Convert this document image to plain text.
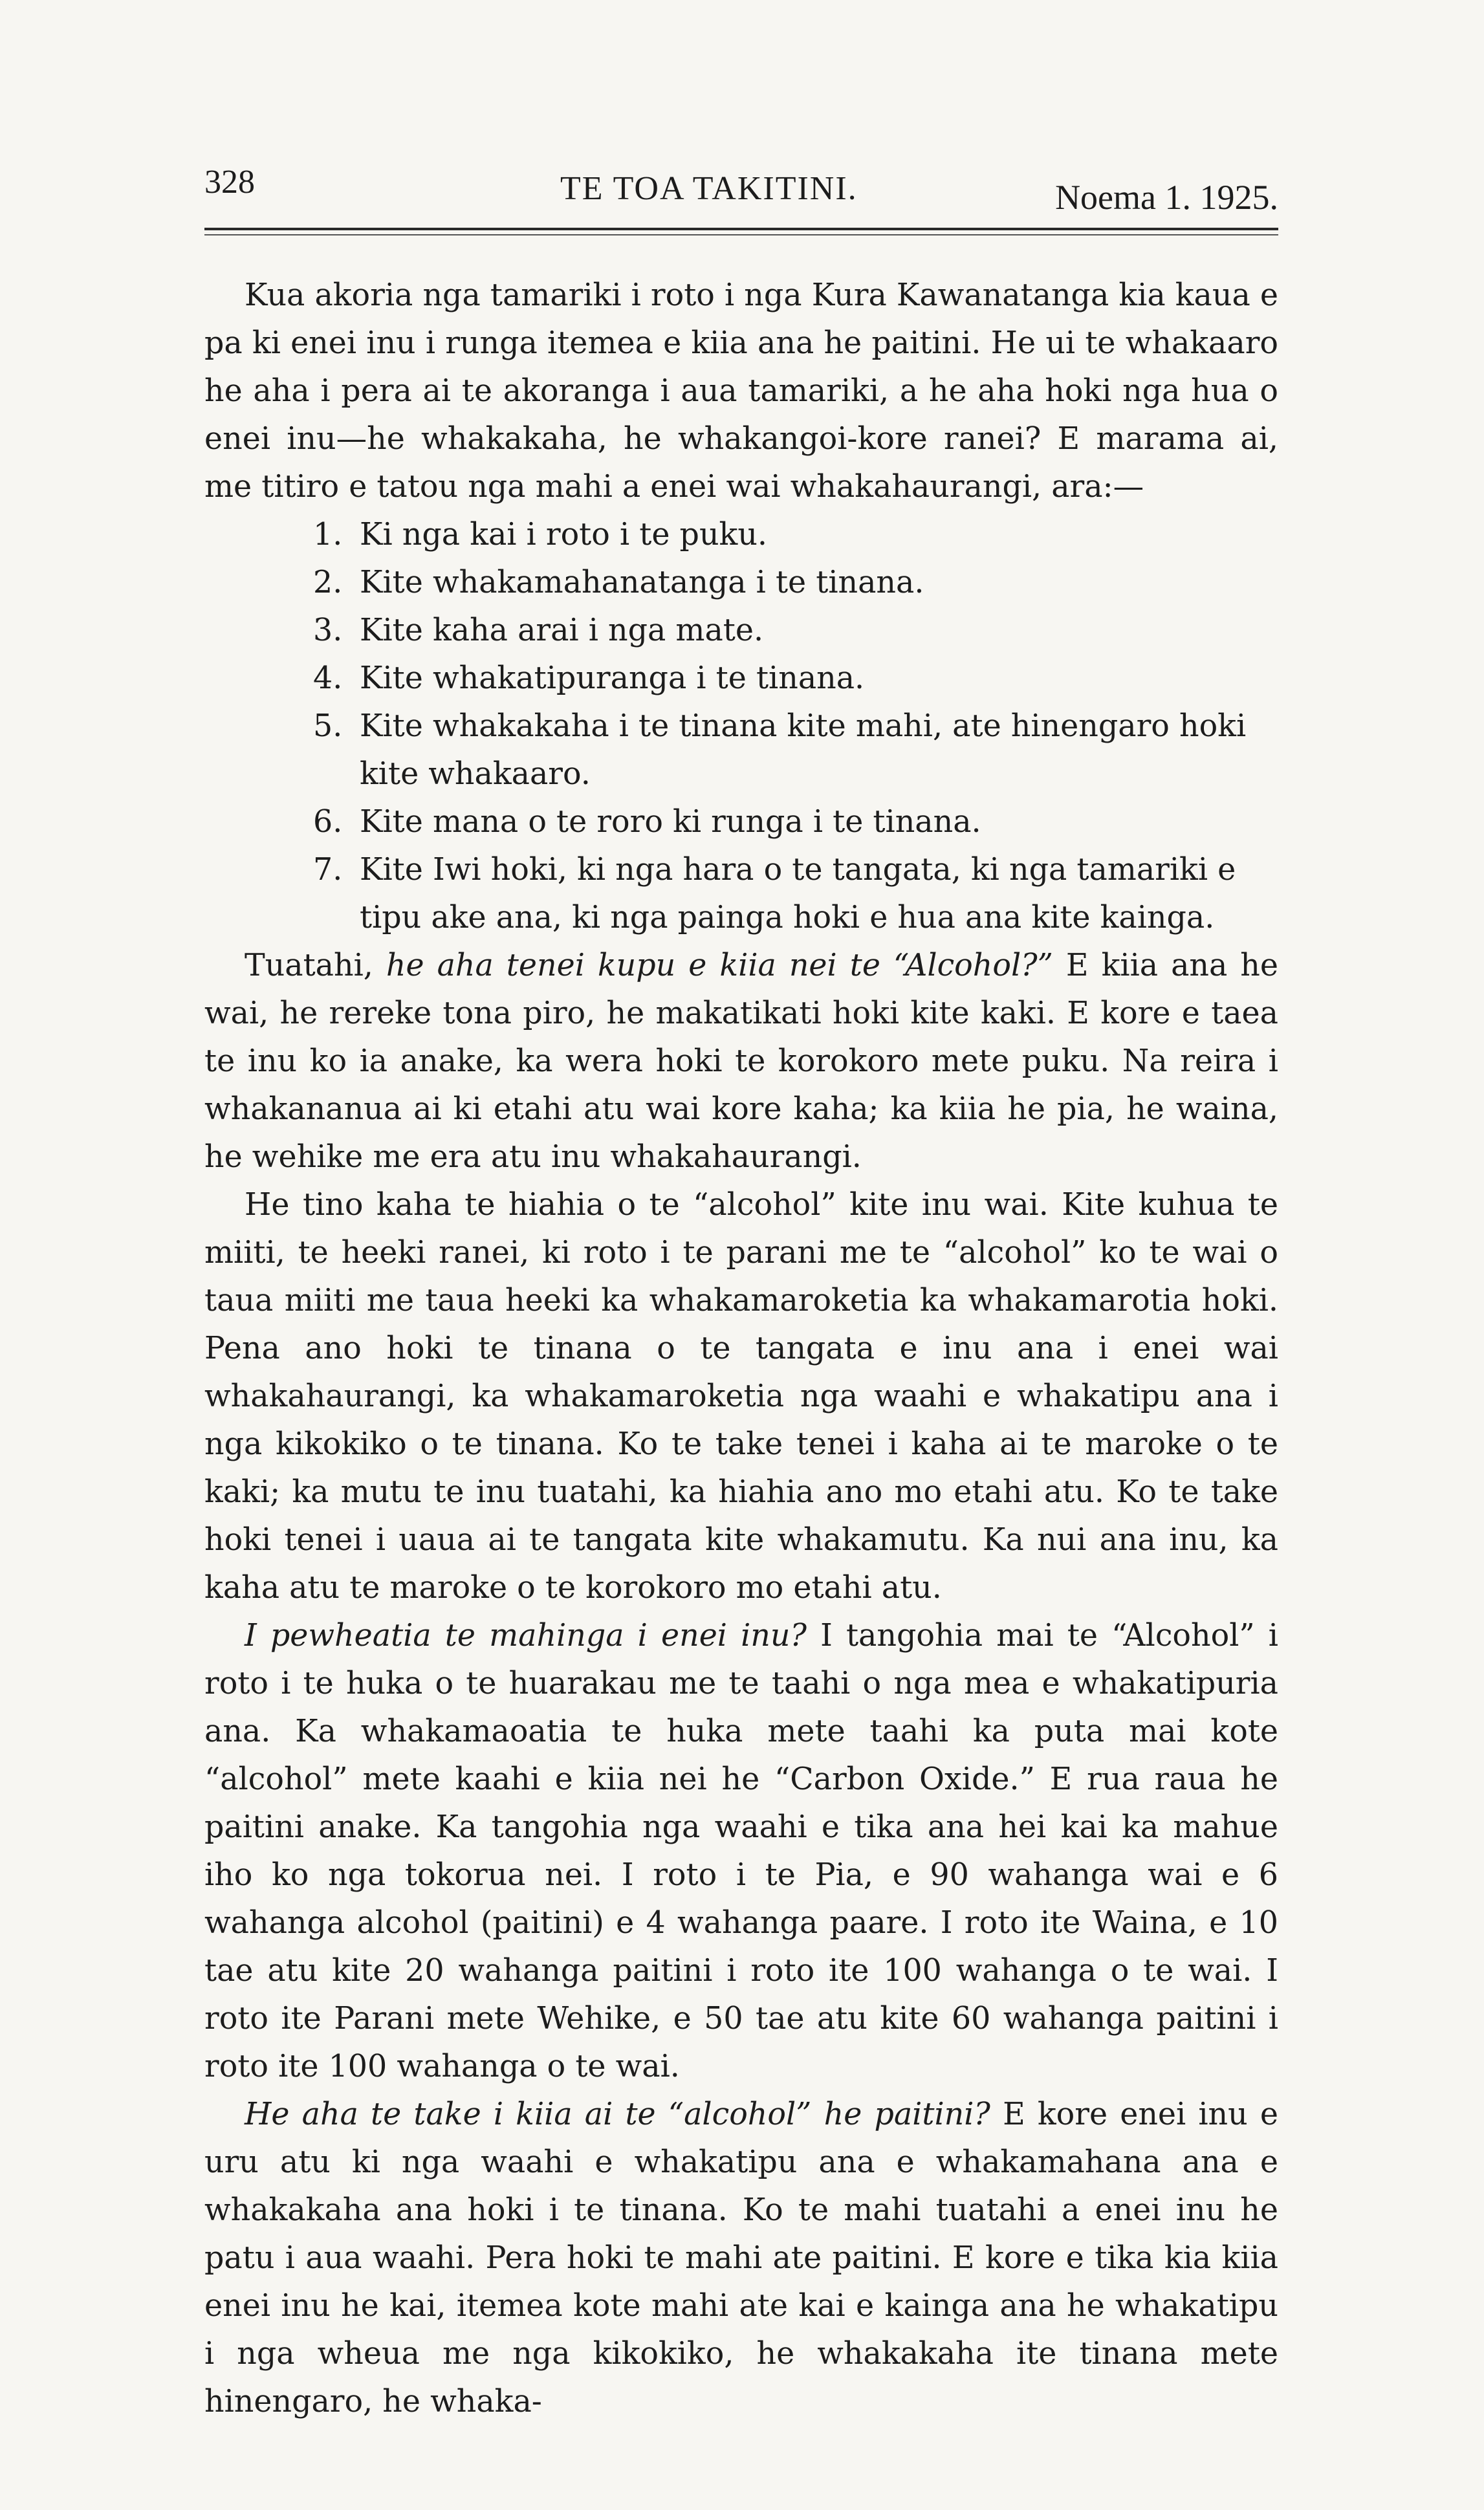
328	TE TOA TAKITINI.	Noema 1. 1925.

Kua akoria nga tamariki i roto i nga Kura Kawanatanga kia kaua e pa ki enei inu i runga itemea e kiia ana he paitini. He ui te whakaaro he aha i pera ai te akoranga i aua tamariki, a he aha hoki nga hua o enei inu—he whakakaha, he whakangoi-kore ranei? E marama ai, me titiro e tatou nga mahi a enei wai whakahaurangi, ara:—

1. Ki nga kai i roto i te puku.
2. Kite whakamahanatanga i te tinana.
3. Kite kaha arai i nga mate.
4. Kite whakatipuranga i te tinana.
5. Kite whakakaha i te tinana kite mahi, ate hinengaro hoki kite whakaaro.
6. Kite mana o te roro ki runga i te tinana.
7. Kite Iwi hoki, ki nga hara o te tangata, ki nga tamariki e tipu ake ana, ki nga painga hoki e hua ana kite kainga.

Tuatahi, he aha tenei kupu e kiia nei te “Alcohol?” E kiia ana he wai, he rereke tona piro, he makatikati hoki kite kaki. E kore e taea te inu ko ia anake, ka wera hoki te korokoro mete puku. Na reira i whakananua ai ki etahi atu wai kore kaha; ka kiia he pia, he waina, he wehike me era atu inu whakahaurangi.

He tino kaha te hiahia o te “alcohol” kite inu wai. Kite kuhua te miiti, te heeki ranei, ki roto i te parani me te “alcohol” ko te wai o taua miiti me taua heeki ka whakamaroketia ka whakamarotia hoki. Pena ano hoki te tinana o te tangata e inu ana i enei wai whakahaurangi, ka whakamaroketia nga waahi e whakatipu ana i nga kikokiko o te tinana. Ko te take tenei i kaha ai te maroke o te kaki; ka mutu te inu tuatahi, ka hiahia ano mo etahi atu. Ko te take hoki tenei i uaua ai te tangata kite whakamutu. Ka nui ana inu, ka kaha atu te maroke o te korokoro mo etahi atu.

I pewheatia te mahinga i enei inu? I tangohia mai te “Alcohol” i roto i te huka o te huarakau me te taahi o nga mea e whakatipuria ana. Ka whakamaoatia te huka mete taahi ka puta mai kote “alcohol” mete kaahi e kiia nei he “Carbon Oxide.” E rua raua he paitini anake. Ka tangohia nga waahi e tika ana hei kai ka mahue iho ko nga tokorua nei. I roto i te Pia, e 90 wahanga wai e 6 wahanga alcohol (paitini) e 4 wahanga paare. I roto ite Waina, e 10 tae atu kite 20 wahanga paitini i roto ite 100 wahanga o te wai. I roto ite Parani mete Wehike, e 50 tae atu kite 60 wahanga paitini i roto ite 100 wahanga o te wai.

He aha te take i kiia ai te “alcohol” he paitini? E kore enei inu e uru atu ki nga waahi e whakatipu ana e whakamahana ana e whakakaha ana hoki i te tinana. Ko te mahi tuatahi a enei inu he patu i aua waahi. Pera hoki te mahi ate paitini. E kore e tika kia kiia enei inu he kai, itemea kote mahi ate kai e kainga ana he whakatipu i nga wheua me nga kikokiko, he whakakaha ite tinana mete hinengaro, he whaka-
